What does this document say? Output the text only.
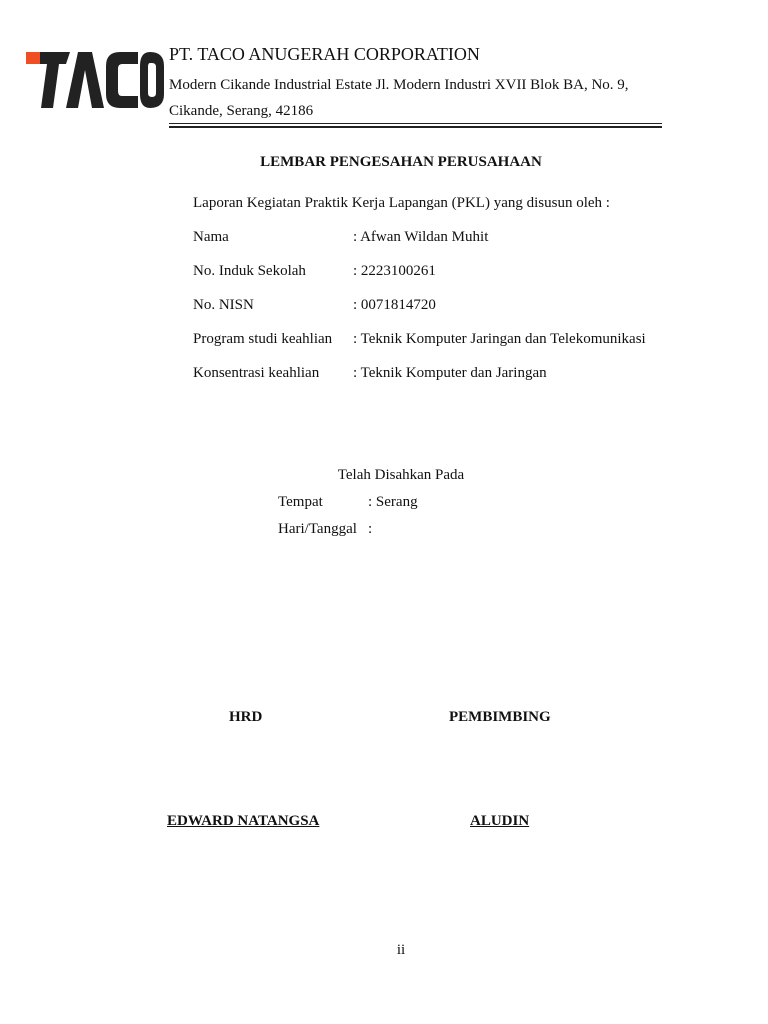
PT. TACO ANUGERAH CORPORATION
Modern Cikande Industrial Estate Jl. Modern Industri XVII Blok BA, No. 9,
Cikande, Serang, 42186
LEMBAR PENGESAHAN PERUSAHAAN
Laporan Kegiatan Praktik Kerja Lapangan (PKL) yang disusun oleh :
Nama	: Afwan Wildan Muhit
No. Induk Sekolah	: 2223100261
No. NISN	: 0071814720
Program studi keahlian : Teknik Komputer Jaringan dan Telekomunikasi
Konsentrasi keahlian : Teknik Komputer dan Jaringan
Telah Disahkan Pada
Tempat	: Serang
Hari/Tanggal :
HRD	PEMBIMBING
EDWARD NATANGSA	ALUDIN
ii
